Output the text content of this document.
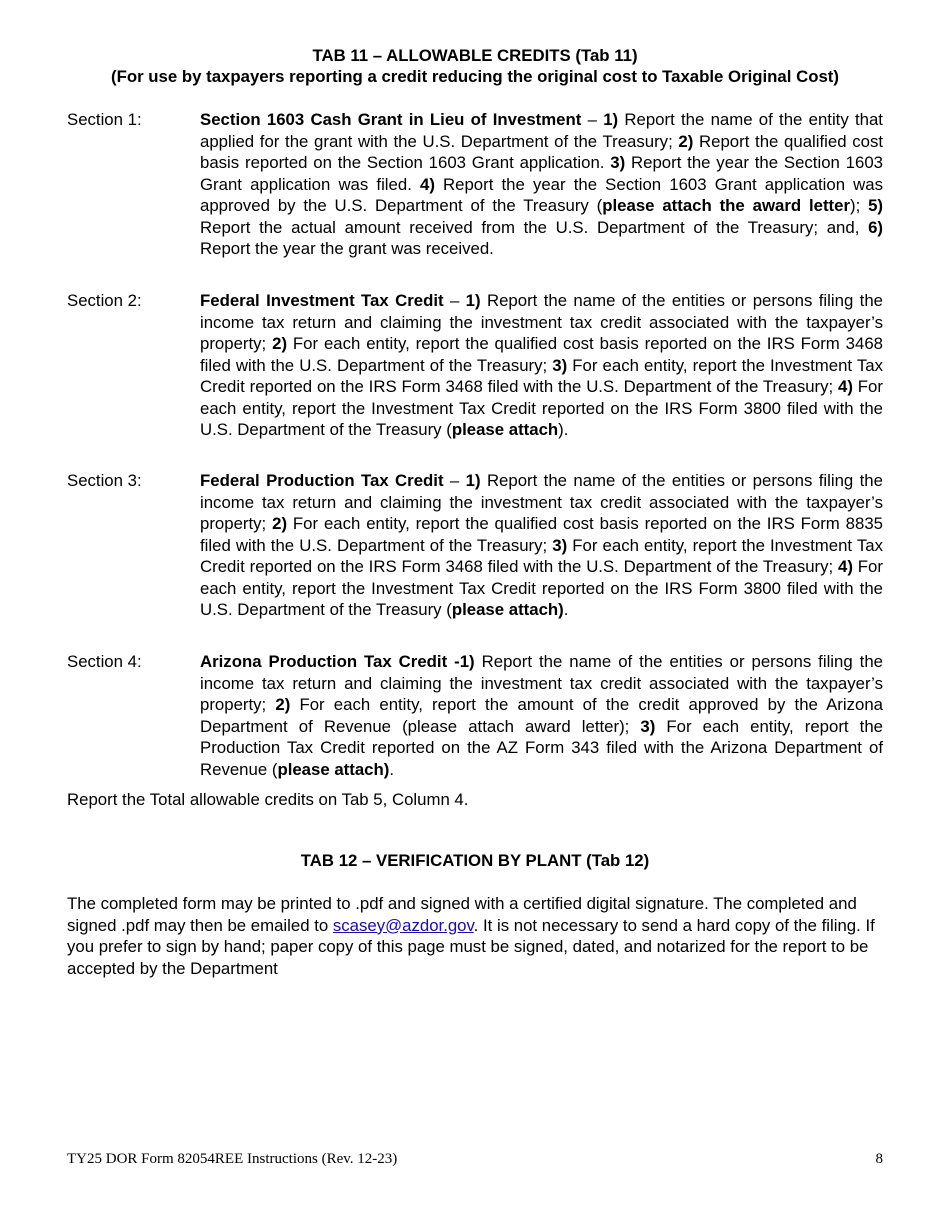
TAB 11 – ALLOWABLE CREDITS (Tab 11)
(For use by taxpayers reporting a credit reducing the original cost to Taxable Original Cost)
Section 1:	Section 1603 Cash Grant in Lieu of Investment – 1) Report the name of the entity that applied for the grant with the U.S. Department of the Treasury; 2) Report the qualified cost basis reported on the Section 1603 Grant application. 3) Report the year the Section 1603 Grant application was filed. 4) Report the year the Section 1603 Grant application was approved by the U.S. Department of the Treasury (please attach the award letter); 5) Report the actual amount received from the U.S. Department of the Treasury; and, 6) Report the year the grant was received.
Section 2:	Federal Investment Tax Credit – 1) Report the name of the entities or persons filing the income tax return and claiming the investment tax credit associated with the taxpayer’s property; 2) For each entity, report the qualified cost basis reported on the IRS Form 3468 filed with the U.S. Department of the Treasury; 3) For each entity, report the Investment Tax Credit reported on the IRS Form 3468 filed with the U.S. Department of the Treasury; 4) For each entity, report the Investment Tax Credit reported on the IRS Form 3800 filed with the U.S. Department of the Treasury (please attach).
Section 3:	Federal Production Tax Credit – 1) Report the name of the entities or persons filing the income tax return and claiming the investment tax credit associated with the taxpayer’s property; 2) For each entity, report the qualified cost basis reported on the IRS Form 8835 filed with the U.S. Department of the Treasury; 3) For each entity, report the Investment Tax Credit reported on the IRS Form 3468 filed with the U.S. Department of the Treasury; 4) For each entity, report the Investment Tax Credit reported on the IRS Form 3800 filed with the U.S. Department of the Treasury (please attach).
Section 4:	Arizona Production Tax Credit -1) Report the name of the entities or persons filing the income tax return and claiming the investment tax credit associated with the taxpayer’s property; 2) For each entity, report the amount of the credit approved by the Arizona Department of Revenue (please attach award letter); 3) For each entity, report the Production Tax Credit reported on the AZ Form 343 filed with the Arizona Department of Revenue (please attach).
Report the Total allowable credits on Tab 5, Column 4.
TAB 12 – VERIFICATION BY PLANT (Tab 12)
The completed form may be printed to .pdf and signed with a certified digital signature. The completed and signed .pdf may then be emailed to scasey@azdor.gov. It is not necessary to send a hard copy of the filing. If you prefer to sign by hand; paper copy of this page must be signed, dated, and notarized for the report to be accepted by the Department
TY25 DOR Form 82054REE Instructions (Rev. 12-23)	8
